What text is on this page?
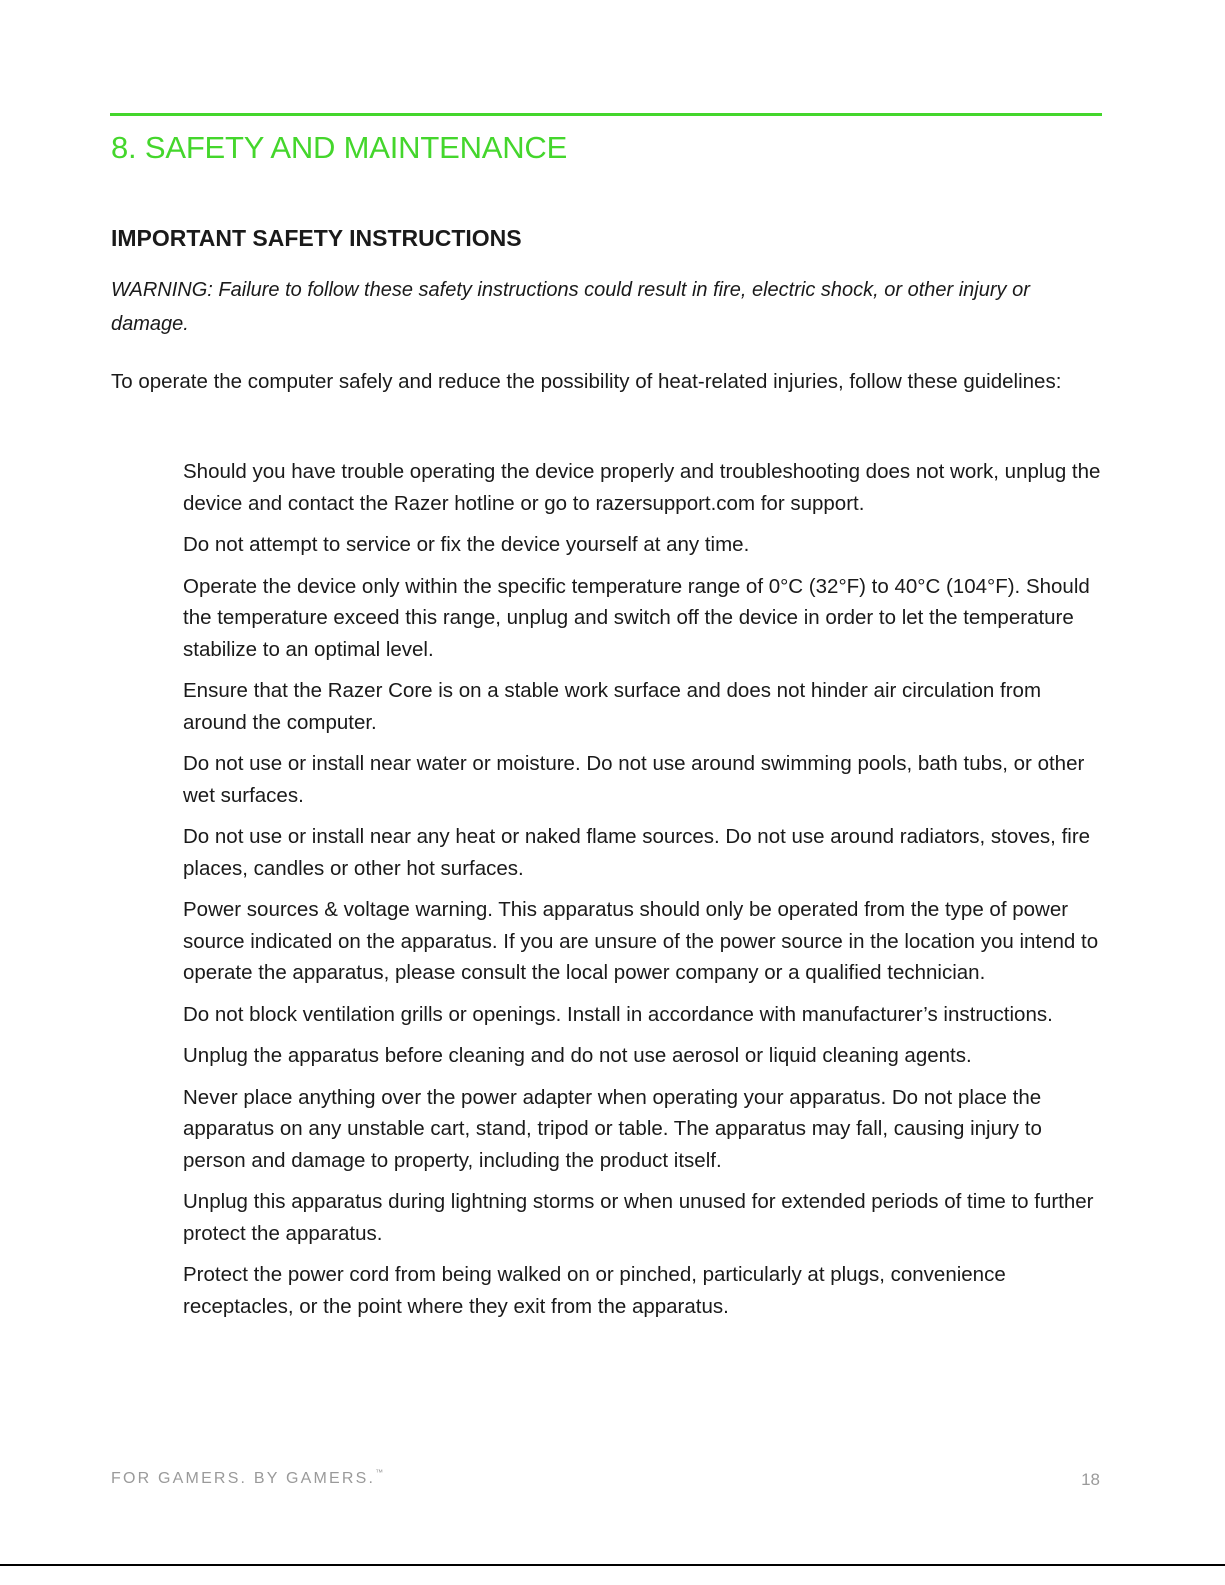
8. SAFETY AND MAINTENANCE
IMPORTANT SAFETY INSTRUCTIONS

WARNING: Failure to follow these safety instructions could result in fire, electric shock, or other injury or damage.

To operate the computer safely and reduce the possibility of heat-related injuries, follow these guidelines:

Should you have trouble operating the device properly and troubleshooting does not work, unplug the device and contact the Razer hotline or go to razersupport.com for support.
Do not attempt to service or fix the device yourself at any time.
Operate the device only within the specific temperature range of 0°C (32°F) to 40°C (104°F). Should the temperature exceed this range, unplug and switch off the device in order to let the temperature stabilize to an optimal level.
Ensure that the Razer Core is on a stable work surface and does not hinder air circulation from around the computer.
Do not use or install near water or moisture. Do not use around swimming pools, bath tubs, or other wet surfaces.
Do not use or install near any heat or naked flame sources. Do not use around radiators, stoves, fire places, candles or other hot surfaces.
Power sources & voltage warning. This apparatus should only be operated from the type of power source indicated on the apparatus. If you are unsure of the power source in the location you intend to operate the apparatus, please consult the local power company or a qualified technician.
Do not block ventilation grills or openings. Install in accordance with manufacturer’s instructions.
Unplug the apparatus before cleaning and do not use aerosol or liquid cleaning agents.
Never place anything over the power adapter when operating your apparatus. Do not place the apparatus on any unstable cart, stand, tripod or table. The apparatus may fall, causing injury to person and damage to property, including the product itself.
Unplug this apparatus during lightning storms or when unused for extended periods of time to further protect the apparatus.
Protect the power cord from being walked on or pinched, particularly at plugs, convenience receptacles, or the point where they exit from the apparatus.
FOR GAMERS. BY GAMERS.™	18
